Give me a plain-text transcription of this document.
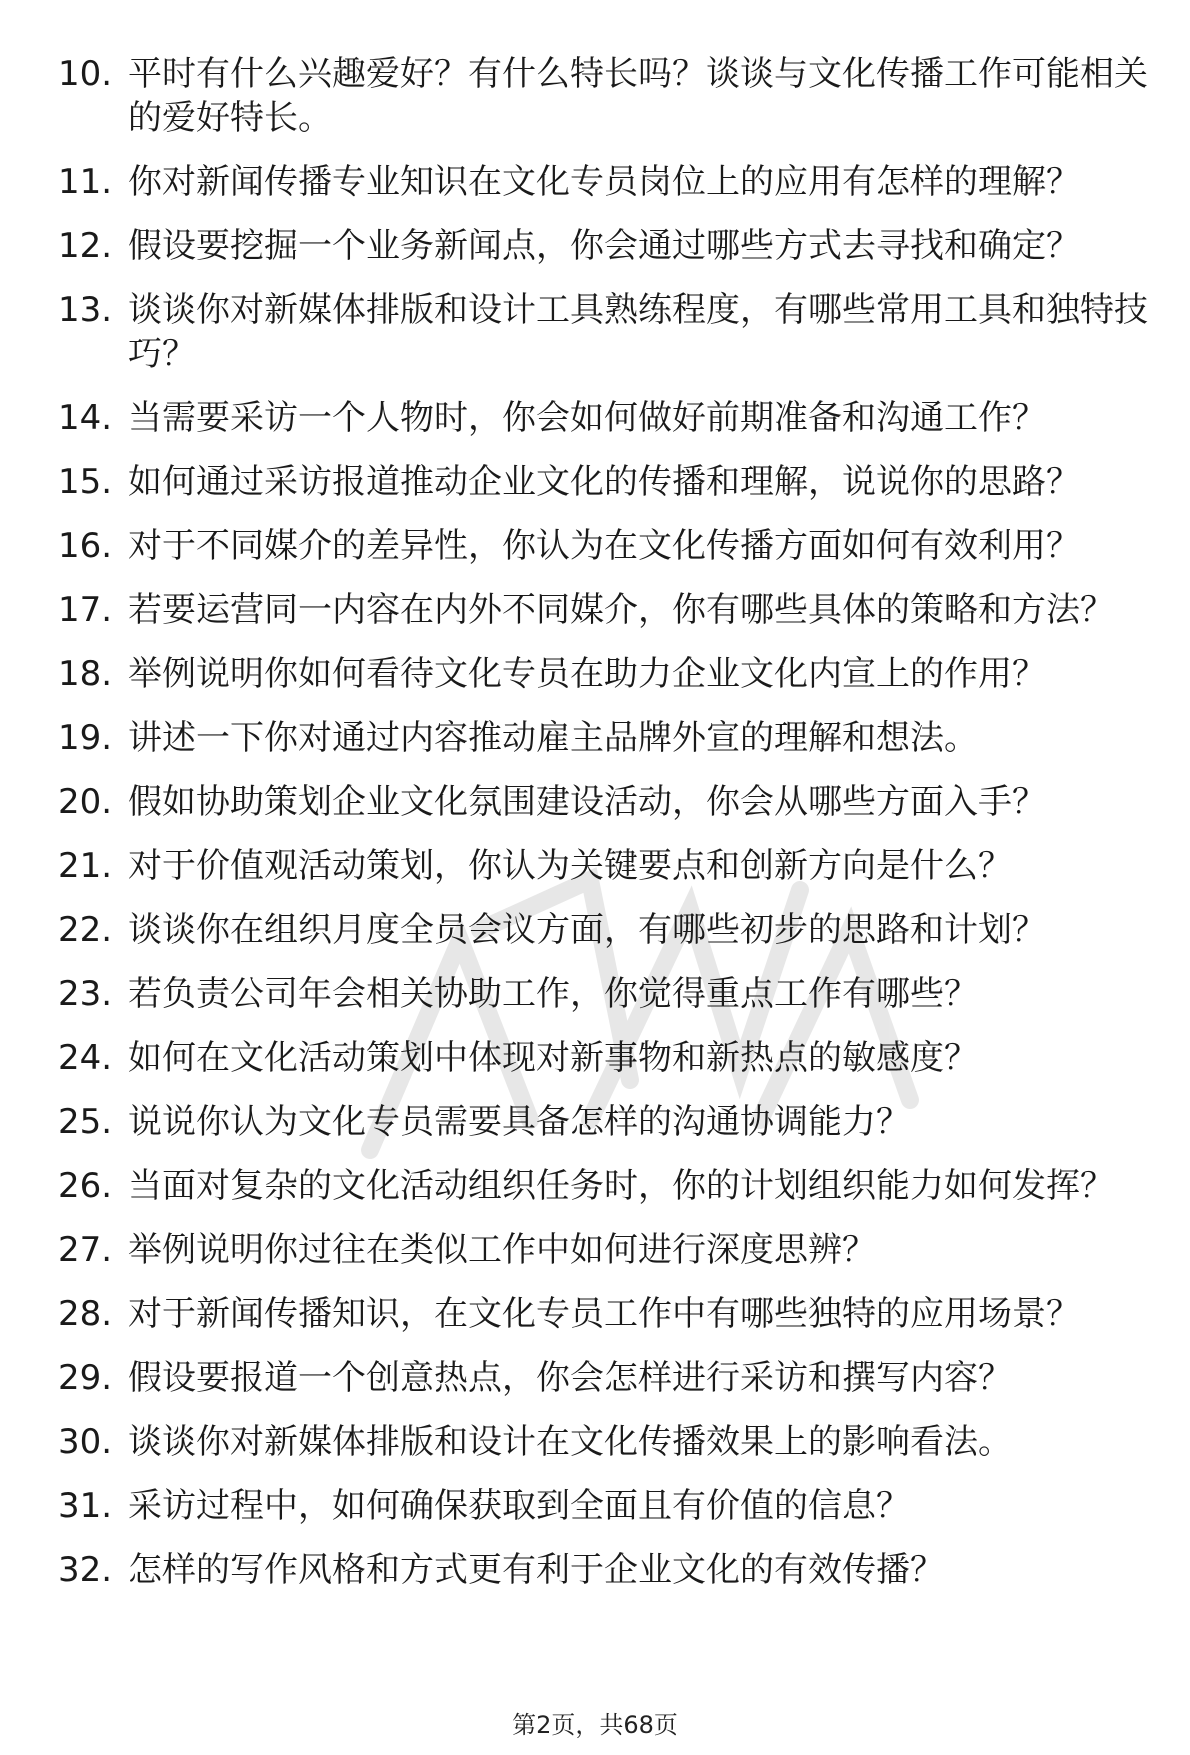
10. 平时有什么兴趣爱好？有什么特长吗？谈谈与文化传播工作可能相关的爱好特长。
11. 你对新闻传播专业知识在文化专员岗位上的应用有怎样的理解？
12. 假设要挖掘一个业务新闻点，你会通过哪些方式去寻找和确定？
13. 谈谈你对新媒体排版和设计工具熟练程度，有哪些常用工具和独特技巧？
14. 当需要采访一个人物时，你会如何做好前期准备和沟通工作？
15. 如何通过采访报道推动企业文化的传播和理解，说说你的思路？
16. 对于不同媒介的差异性，你认为在文化传播方面如何有效利用？
17. 若要运营同一内容在内外不同媒介，你有哪些具体的策略和方法？
18. 举例说明你如何看待文化专员在助力企业文化内宣上的作用？
19. 讲述一下你对通过内容推动雇主品牌外宣的理解和想法。
20. 假如协助策划企业文化氛围建设活动，你会从哪些方面入手？
21. 对于价值观活动策划，你认为关键要点和创新方向是什么？
22. 谈谈你在组织月度全员会议方面，有哪些初步的思路和计划？
23. 若负责公司年会相关协助工作，你觉得重点工作有哪些？
24. 如何在文化活动策划中体现对新事物和新热点的敏感度？
25. 说说你认为文化专员需要具备怎样的沟通协调能力？
26. 当面对复杂的文化活动组织任务时，你的计划组织能力如何发挥？
27. 举例说明你过往在类似工作中如何进行深度思辨？
28. 对于新闻传播知识，在文化专员工作中有哪些独特的应用场景？
29. 假设要报道一个创意热点，你会怎样进行采访和撰写内容？
30. 谈谈你对新媒体排版和设计在文化传播效果上的影响看法。
31. 采访过程中，如何确保获取到全面且有价值的信息？
32. 怎样的写作风格和方式更有利于企业文化的有效传播？
第2页，共68页
